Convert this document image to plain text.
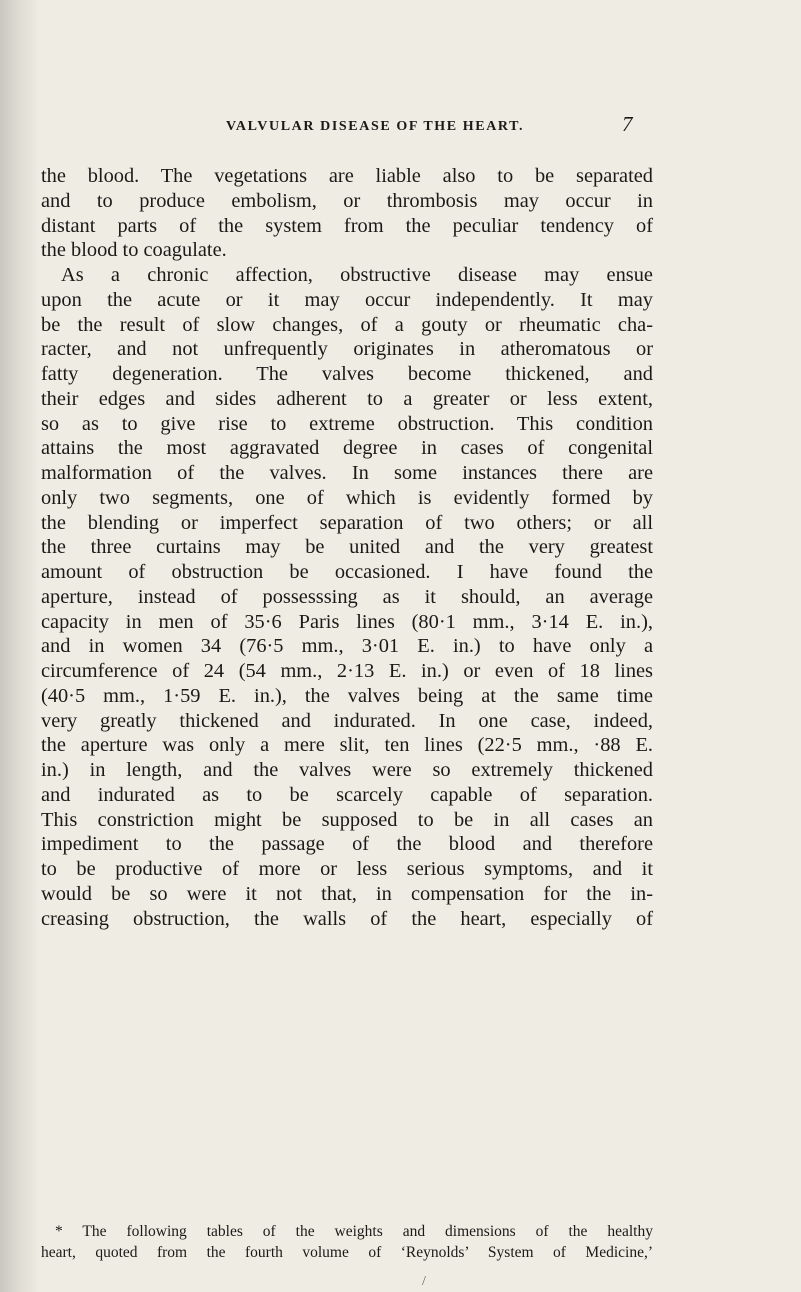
VALVULAR DISEASE OF THE HEART.	7
the blood. The vegetations are liable also to be separated
and to produce embolism, or thrombosis may occur in
distant parts of the system from the peculiar tendency of
the blood to coagulate.
As a chronic affection, obstructive disease may ensue
upon the acute or it may occur independently. It may
be the result of slow changes, of a gouty or rheumatic cha-
racter, and not unfrequently originates in atheromatous or
fatty degeneration. The valves become thickened, and
their edges and sides adherent to a greater or less extent,
so as to give rise to extreme obstruction. This condition
attains the most aggravated degree in cases of congenital
malformation of the valves. In some instances there are
only two segments, one of which is evidently formed by
the blending or imperfect separation of two others; or all
the three curtains may be united and the very greatest
amount of obstruction be occasioned. I have found the
aperture, instead of possesssing as it should, an average
capacity in men of 35·6 Paris lines (80·1 mm., 3·14 E. in.),
and in women 34 (76·5 mm., 3·01 E. in.) to have only a
circumference of 24 (54 mm., 2·13 E. in.) or even of 18 lines
(40·5 mm., 1·59 E. in.), the valves being at the same time
very greatly thickened and indurated. In one case, indeed,
the aperture was only a mere slit, ten lines (22·5 mm., ·88 E.
in.) in length, and the valves were so extremely thickened
and indurated as to be scarcely capable of separation.
This constriction might be supposed to be in all cases an
impediment to the passage of the blood and therefore
to be productive of more or less serious symptoms, and it
would be so were it not that, in compensation for the in-
creasing obstruction, the walls of the heart, especially of
* The following tables of the weights and dimensions of the healthy
heart, quoted from the fourth volume of ‘Reynolds’ System of Medicine,’
/
